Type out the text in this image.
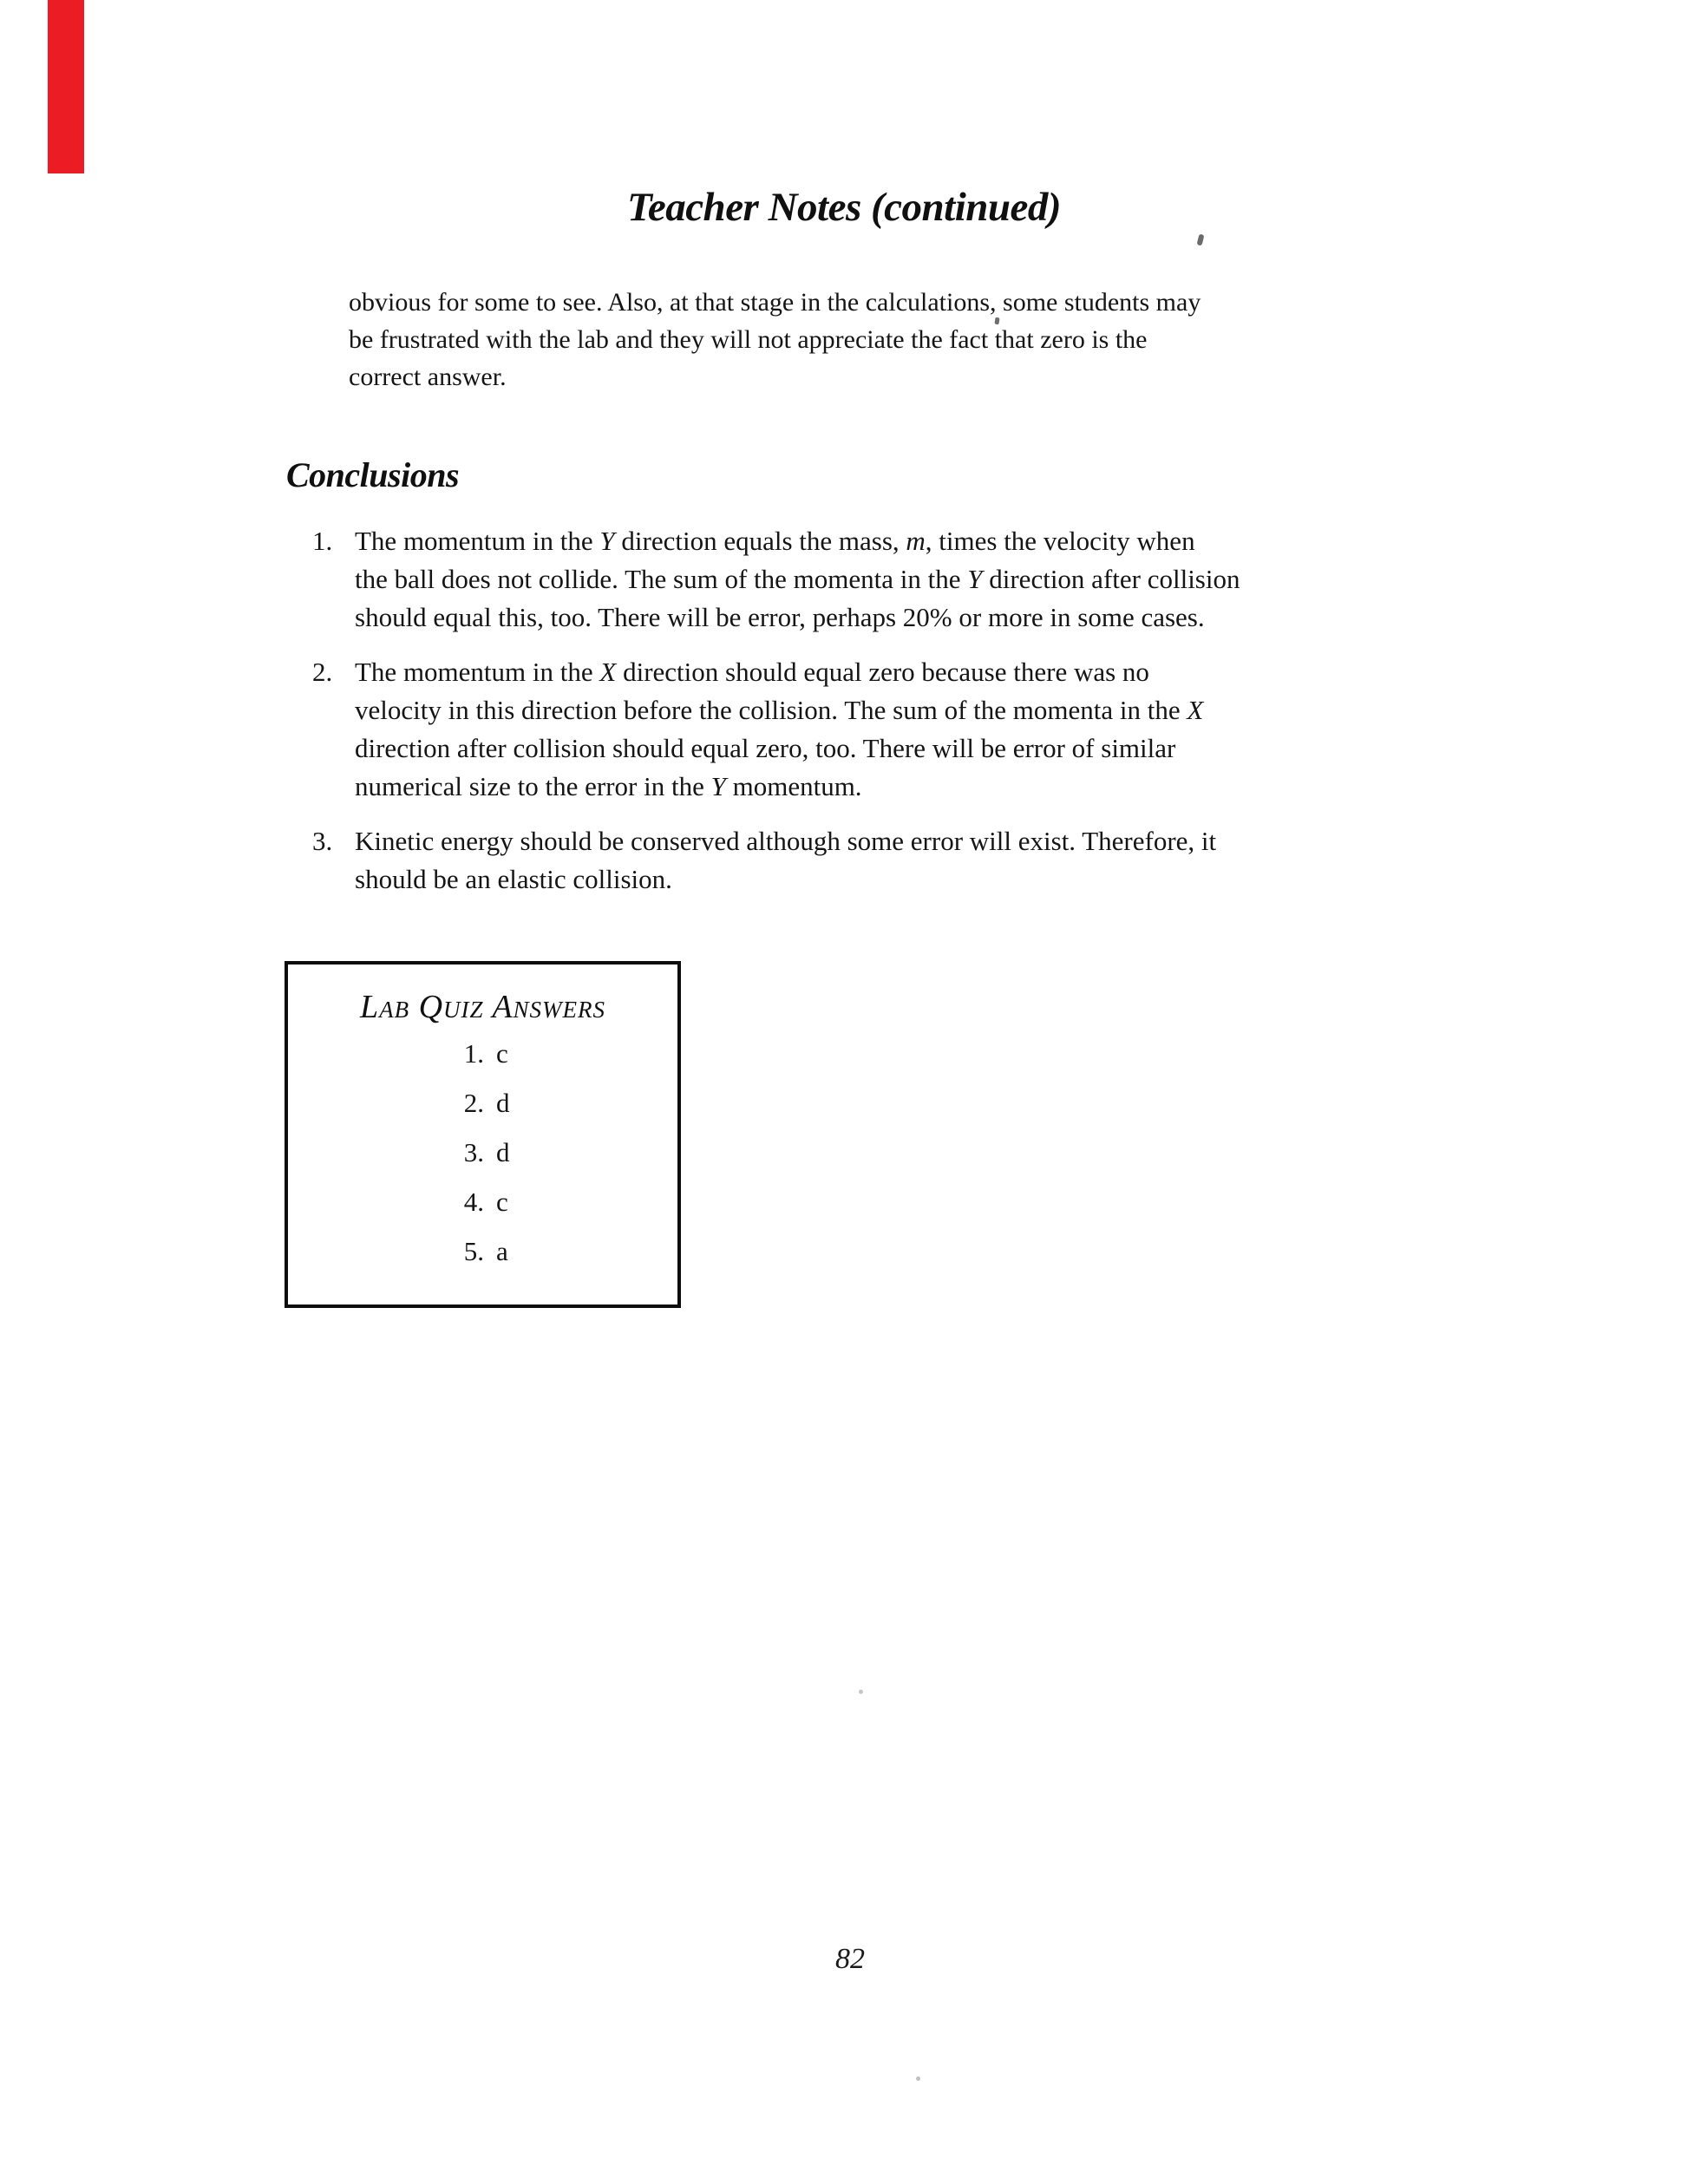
Teacher Notes (continued)
obvious for some to see. Also, at that stage in the calculations, some students may
be frustrated with the lab and they will not appreciate the fact that zero is the
correct answer.
Conclusions
1. The momentum in the Y direction equals the mass, m, times the velocity when
the ball does not collide. The sum of the momenta in the Y direction after collision
should equal this, too. There will be error, perhaps 20% or more in some cases.
2. The momentum in the X direction should equal zero because there was no
velocity in this direction before the collision. The sum of the momenta in the X
direction after collision should equal zero, too. There will be error of similar
numerical size to the error in the Y momentum.
3. Kinetic energy should be conserved although some error will exist. Therefore, it
should be an elastic collision.
Lab Quiz Answers
1. c
2. d
3. d
4. c
5. a
82
